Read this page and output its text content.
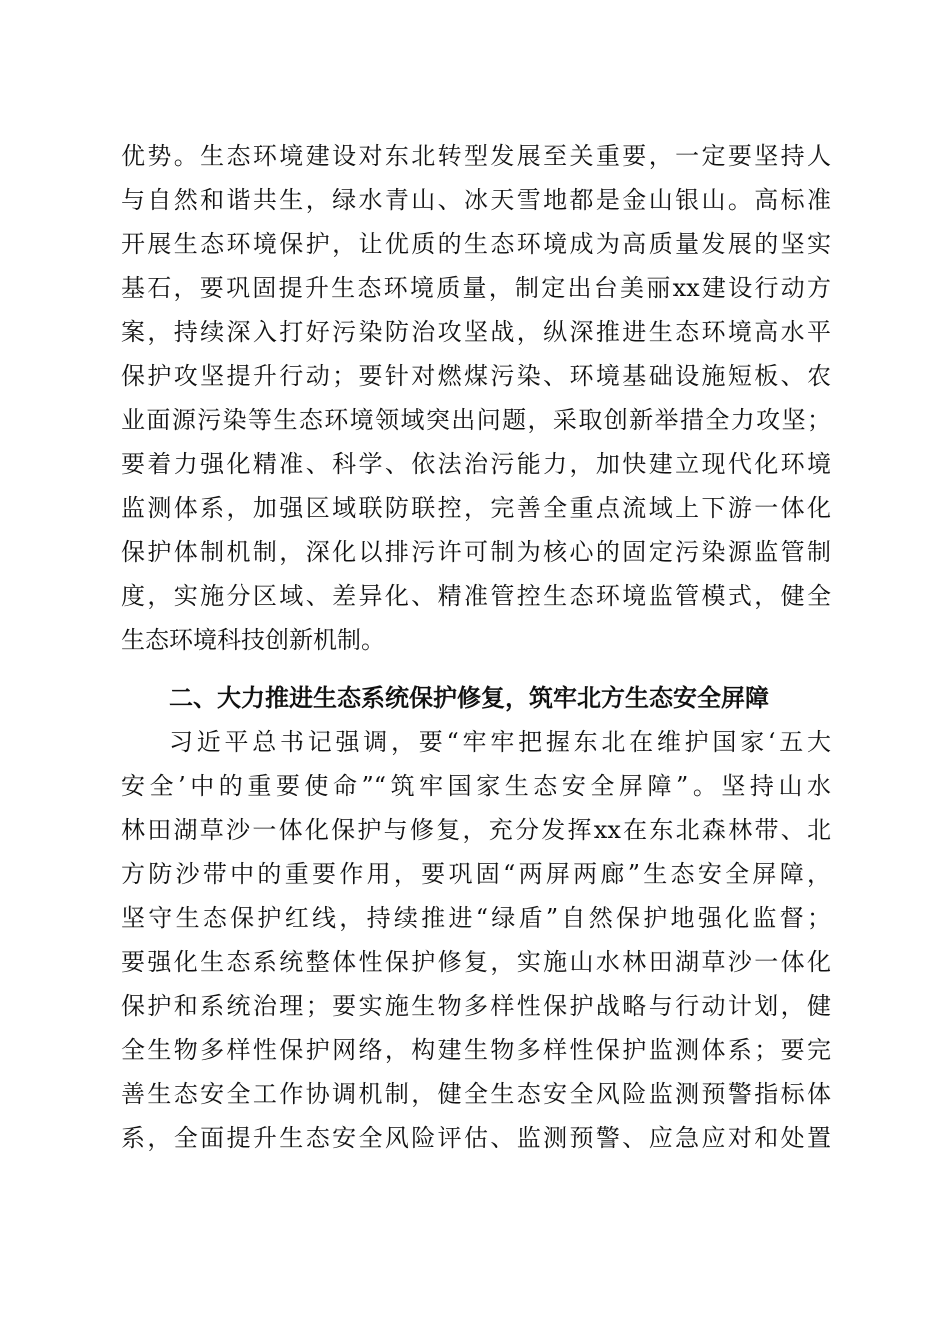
优势。生态环境建设对东北转型发展至关重要，一定要坚持人
与自然和谐共生，绿水青山、冰天雪地都是金山银山。高标准
开展生态环境保护，让优质的生态环境成为高质量发展的坚实
基石，要巩固提升生态环境质量，制定出台美丽xx建设行动方
案，持续深入打好污染防治攻坚战，纵深推进生态环境高水平
保护攻坚提升行动；要针对燃煤污染、环境基础设施短板、农
业面源污染等生态环境领域突出问题，采取创新举措全力攻坚；
要着力强化精准、科学、依法治污能力，加快建立现代化环境
监测体系，加强区域联防联控，完善全重点流域上下游一体化
保护体制机制，深化以排污许可制为核心的固定污染源监管制
度，实施分区域、差异化、精准管控生态环境监管模式，健全
生态环境科技创新机制。
二、大力推进生态系统保护修复，筑牢北方生态安全屏障
习近平总书记强调，要“牢牢把握东北在维护国家‘五大
安全’中的重要使命”“筑牢国家生态安全屏障”。坚持山水
林田湖草沙一体化保护与修复，充分发挥xx在东北森林带、北
方防沙带中的重要作用，要巩固“两屏两廊”生态安全屏障，
坚守生态保护红线，持续推进“绿盾”自然保护地强化监督；
要强化生态系统整体性保护修复，实施山水林田湖草沙一体化
保护和系统治理；要实施生物多样性保护战略与行动计划，健
全生物多样性保护网络，构建生物多样性保护监测体系；要完
善生态安全工作协调机制，健全生态安全风险监测预警指标体
系，全面提升生态安全风险评估、监测预警、应急应对和处置
